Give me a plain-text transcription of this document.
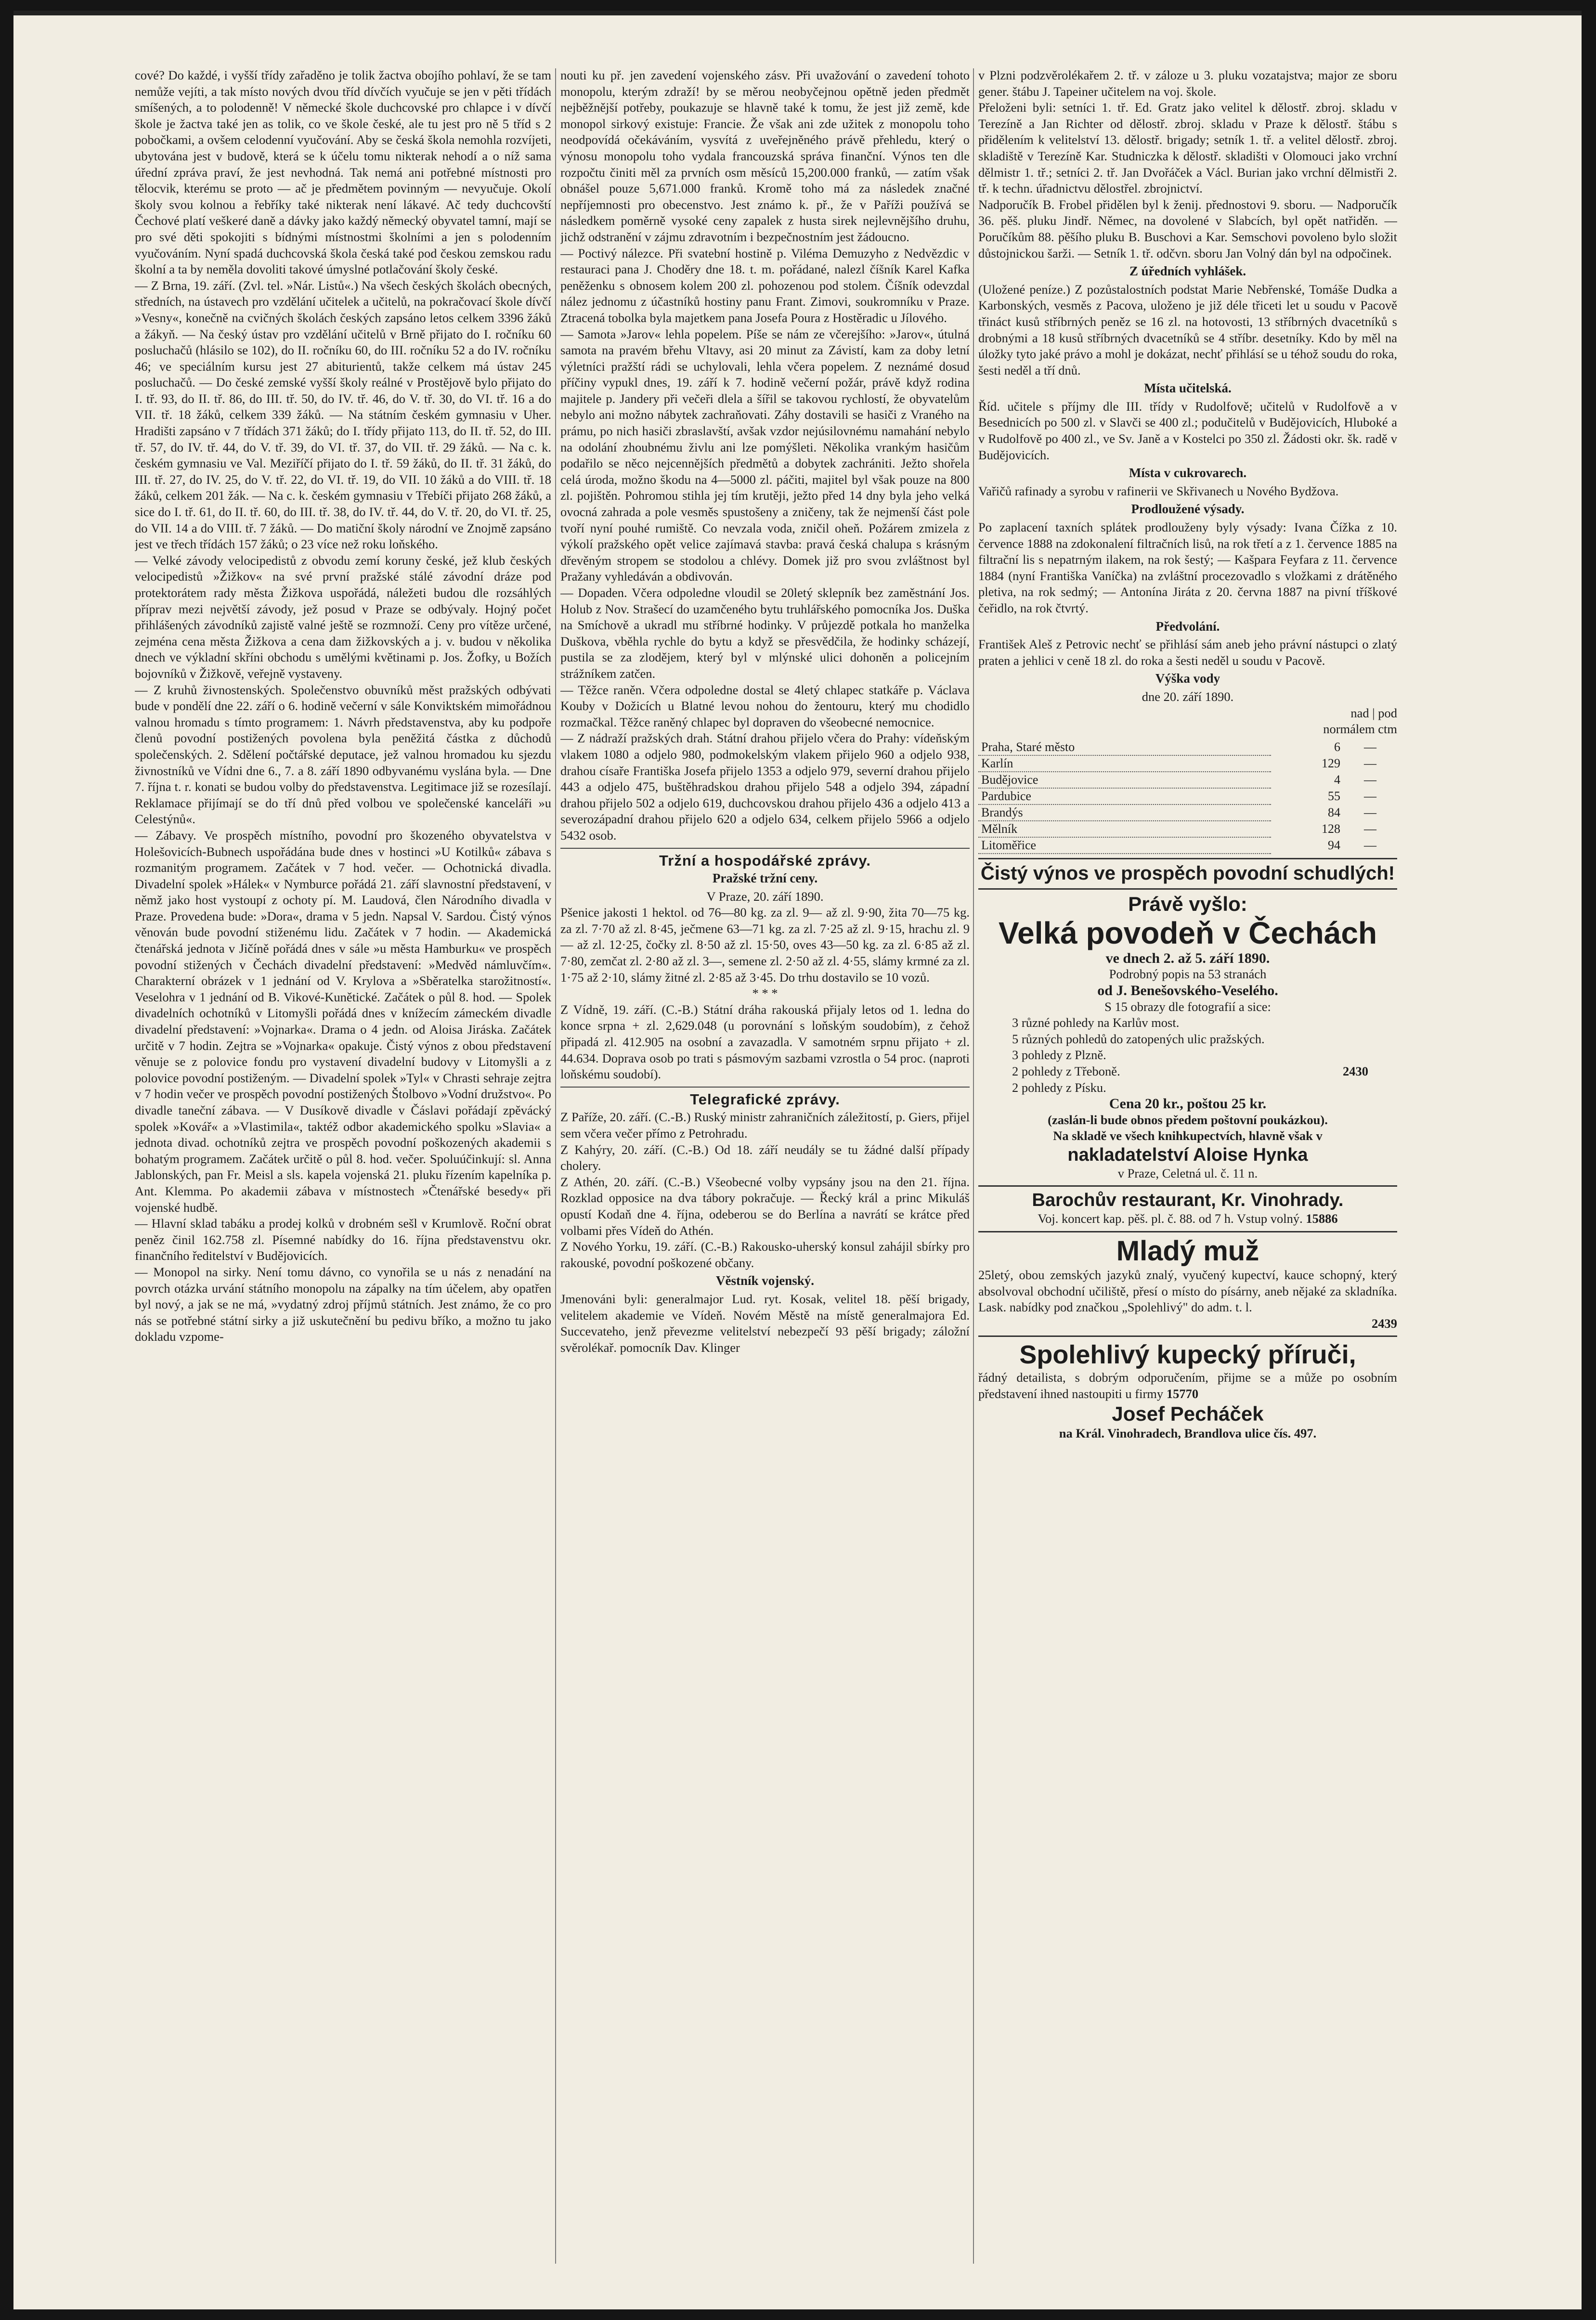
cové? Do každé, i vyšší třídy zařaděno je tolik žactva obojího pohlaví, že se tam nemůže vejíti, a tak místo nových dvou tříd dívčích vyučuje se jen v pěti třídách smíšených, a to polodenně! V německé škole duchcovské pro chlapce i v dívčí škole je žactva také jen as tolik, co ve škole české, ale tu jest pro ně 5 tříd s 2 pobočkami, a ovšem celodenní vyučování. Aby se česká škola nemohla rozvíjeti, ubytována jest v budově, která se k účelu tomu nikterak nehodí a o níž sama úřední zpráva praví, že jest nevhodná. Tak nemá ani potřebné místnosti pro tělocvik, kterému se proto — ač je předmětem povinným — nevyučuje. Okolí školy svou kolnou a řebříky také nikterak není lákavé. Ač tedy duchcovští Čechové platí veškeré daně a dávky jako každý německý obyvatel tamní, mají se pro své děti spokojiti s bídnými místnostmi školními a jen s polodenním vyučováním. Nyní spadá duchcovská škola česká také pod českou zemskou radu školní a ta by neměla dovoliti takové úmyslné potlačování školy české.

— Z Brna, 19. září. (Zvl. tel. »Nár. Listů«.) Na všech českých školách obecných, středních, na ústavech pro vzdělání učitelek a učitelů, na pokračovací škole dívčí »Vesny«, konečně na cvičných školách českých zapsáno letos celkem 3396 žáků a žákyň. — Na český ústav pro vzdělání učitelů v Brně přijato do I. ročníku 60 posluchačů (hlásilo se 102), do II. ročníku 60, do III. ročníku 52 a do IV. ročníku 46; ve speciálním kursu jest 27 abiturientů, takže celkem má ústav 245 posluchačů. — Do české zemské vyšší školy reálné v Prostějově bylo přijato do I. tř. 93, do II. tř. 86, do III. tř. 50, do IV. tř. 46, do V. tř. 30, do VI. tř. 16 a do VII. tř. 18 žáků, celkem 339 žáků. — Na státním českém gymnasiu v Uher. Hradišti zapsáno v 7 třídách 371 žáků; do I. třídy přijato 113, do II. tř. 52, do III. tř. 57, do IV. tř. 44, do V. tř. 39, do VI. tř. 37, do VII. tř. 29 žáků. — Na c. k. českém gymnasiu ve Val. Meziříčí přijato do I. tř. 59 žáků, do II. tř. 31 žáků, do III. tř. 27, do IV. 25, do V. tř. 22, do VI. tř. 19, do VII. 10 žáků a do VIII. tř. 18 žáků, celkem 201 žák. — Na c. k. českém gymnasiu v Třebíči přijato 268 žáků, a sice do I. tř. 61, do II. tř. 60, do III. tř. 38, do IV. tř. 44, do V. tř. 20, do VI. tř. 25, do VII. 14 a do VIII. tř. 7 žáků. — Do matiční školy národní ve Znojmě zapsáno jest ve třech třídách 157 žáků; o 23 více než roku loňského.

— Velké závody velocipedistů z obvodu zemí koruny české, jež klub českých velocipedistů »Žižkov« na své první pražské stálé závodní dráze pod protektorátem rady města Žižkova uspořádá, náležeti budou dle rozsáhlých příprav mezi největší závody, jež posud v Praze se odbývaly. Hojný počet přihlášených závodníků zajistě valné ještě se rozmnoží. Ceny pro vítěze určené, zejména cena města Žižkova a cena dam žižkovských a j. v. budou v několika dnech ve výkladní skříni obchodu s umělými květinami p. Jos. Žofky, u Božích bojovníků v Žižkově, veřejně vystaveny.

— Z kruhů živnostenských. Společenstvo obuvníků měst pražských odbývati bude v pondělí dne 22. září o 6. hodině večerní v sále Konviktském mimořádnou valnou hromadu s tímto programem: 1. Návrh představenstva, aby ku podpoře členů povodní postižených povolena byla peněžitá částka z důchodů společenských. 2. Sdělení počtářské deputace, jež valnou hromadou ku sjezdu živnostníků ve Vídni dne 6., 7. a 8. září 1890 odbyvanému vyslána byla. — Dne 7. října t. r. konati se budou volby do představenstva. Legitimace již se rozesílají. Reklamace přijímají se do tří dnů před volbou ve společenské kanceláři »u Celestýnů«.

— Zábavy. Ve prospěch místního, povodní pro škozeného obyvatelstva v Holešovicích-Bubnech uspořádána bude dnes v hostinci »U Kotilků« zábava s rozmanitým programem. Začátek v 7 hod. večer. — Ochotnická divadla. Divadelní spolek »Hálek« v Nymburce pořádá 21. září slavnostní představení, v němž jako host vystoupí z ochoty pí. M. Laudová, člen Národního divadla v Praze. Provedena bude: »Dora«, drama v 5 jedn. Napsal V. Sardou. Čistý výnos věnován bude povodní stiženému lidu. Začátek v 7 hodin. — Akademická čtenářská jednota v Jičíně pořádá dnes v sále »u města Hamburku« ve prospěch povodní stižených v Čechách divadelní představení: »Medvěd námluvčím«. Charakterní obrázek v 1 jednání od V. Krylova a »Sběratelka starožitností«. Veselohra v 1 jednání od B. Vikové-Kunětické. Začátek o půl 8. hod. — Spolek divadelních ochotníků v Litomyšli pořádá dnes v knížecím zámeckém divadle divadelní představení: »Vojnarka«. Drama o 4 jedn. od Aloisa Jiráska. Začátek určitě v 7 hodin. Zejtra se »Vojnarka« opakuje. Čistý výnos z obou představení věnuje se z polovice fondu pro vystavení divadelní budovy v Litomyšli a z polovice povodní postiženým. — Divadelní spolek »Tyl« v Chrasti sehraje zejtra v 7 hodin večer ve prospěch povodní postižených Štolbovo »Vodní družstvo«. Po divadle taneční zábava. — V Dusíkově divadle v Čáslavi pořádají zpěvácký spolek »Kovář« a »Vlastimila«, taktéž odbor akademického spolku »Slavia« a jednota divad. ochotníků zejtra ve prospěch povodní poškozených akademii s bohatým programem. Začátek určitě o půl 8. hod. večer. Spoluúčinkují: sl. Anna Jablonských, pan Fr. Meisl a sls. kapela vojenská 21. pluku řízením kapelníka p. Ant. Klemma. Po akademii zábava v místnostech »Čtenářské besedy« při vojenské hudbě.

— Hlavní sklad tabáku a prodej kolků v drobném sešl v Krumlově. Roční obrat peněz činil 162.758 zl. Písemné nabídky do 16. října představenstvu okr. finančního ředitelství v Budějovicích.

— Monopol na sirky. Není tomu dávno, co vynořila se u nás z nenadání na povrch otázka urvání státního monopolu na zápalky na tím účelem, aby opatřen byl nový, a jak se ne má, »vydatný zdroj příjmů státních. Jest známo, že co pro nás se potřebné státní sirky a již uskutečnění bu pedivu bříko, a možno tu jako dokladu vzpome-

nouti ku př. jen zavedení vojenského zásv. Při uvažování o zavedení tohoto monopolu, kterým zdraží! by se měrou neobyčejnou opětně jeden předmět nejběžnější potřeby, poukazuje se hlavně také k tomu, že jest již země, kde monopol sirkový existuje: Francie. Že však ani zde užitek z monopolu toho neodpovídá očekáváním, vysvítá z uveřejněného právě přehledu, který o výnosu monopolu toho vydala francouzská správa finanční. Výnos ten dle rozpočtu činiti měl za prvních osm měsíců 15,200.000 franků, — zatím však obnášel pouze 5,671.000 franků. Kromě toho má za následek značné nepříjemnosti pro obecenstvo. Jest známo k. př., že v Paříži používá se následkem poměrně vysoké ceny zapalek z husta sirek nejlevnějšího druhu, jichž odstranění v zájmu zdravotním i bezpečnostním jest žádoucno.

— Poctivý nálezce. Při svatební hostině p. Viléma Demuzyho z Nedvězdic v restauraci pana J. Choděry dne 18. t. m. pořádané, nalezl číšník Karel Kafka peněženku s obnosem kolem 200 zl. pohozenou pod stolem. Číšník odevzdal nález jednomu z účastníků hostiny panu Frant. Zimovi, soukromníku v Praze. Ztracená tobolka byla majetkem pana Josefa Poura z Hostěradic u Jílového.

— Samota »Jarov« lehla popelem. Píše se nám ze včerejšího: »Jarov«, útulná samota na pravém břehu Vltavy, asi 20 minut za Závistí, kam za doby letní výletníci pražští rádi se uchylovali, lehla včera popelem. Z neznámé dosud příčiny vypukl dnes, 19. září k 7. hodině večerní požár, právě když rodina majitele p. Jandery při večeři dlela a šířil se takovou rychlostí, že obyvatelům nebylo ani možno nábytek zachraňovati. Záhy dostavili se hasiči z Vraného na prámu, po nich hasiči zbraslavští, avšak vzdor nejúsilovnému namahání nebylo na odolání zhoubnému živlu ani lze pomýšleti. Několika vrankým hasičům podařilo se něco nejcennějších předmětů a dobytek zachrániti. Ježto shořela celá úroda, možno škodu na 4—5000 zl. páčiti, majitel byl však pouze na 800 zl. pojištěn. Pohromou stihla jej tím krutěji, ježto před 14 dny byla jeho velká ovocná zahrada a pole vesměs spustošeny a zničeny, tak že nejmenší část pole tvoří nyní pouhé rumiště. Co nevzala voda, zničil oheň. Požárem zmizela z výkolí pražského opět velice zajímavá stavba: pravá česká chalupa s krásným dřevěným stropem se stodolou a chlévy. Domek již pro svou zvláštnost byl Pražany vyhledáván a obdivován.

— Dopaden. Včera odpoledne vloudil se 20letý sklepník bez zaměstnání Jos. Holub z Nov. Strašecí do uzamčeného bytu truhlářského pomocníka Jos. Duška na Smíchově a ukradl mu stříbrné hodinky. V průjezdě potkala ho manželka Duškova, vběhla rychle do bytu a když se přesvědčila, že hodinky scházejí, pustila se za zlodějem, který byl v mlýnské ulici dohoněn a policejním strážníkem zatčen.

— Těžce raněn. Včera odpoledne dostal se 4letý chlapec statkáře p. Václava Kouby v Dožicích u Blatné levou nohou do žentouru, který mu chodidlo rozmačkal. Těžce raněný chlapec byl dopraven do všeobecné nemocnice.

— Z nádraží pražských drah. Státní drahou přijelo včera do Prahy: vídeňským vlakem 1080 a odjelo 980, podmokelským vlakem přijelo 960 a odjelo 938, drahou císaře Františka Josefa přijelo 1353 a odjelo 979, severní drahou přijelo 443 a odjelo 475, buštěhradskou drahou přijelo 548 a odjelo 394, západní drahou přijelo 502 a odjelo 619, duchcovskou drahou přijelo 436 a odjelo 413 a severozápadní drahou přijelo 620 a odjelo 634, celkem přijelo 5966 a odjelo 5432 osob.

Tržní a hospodářské zprávy.
Pražské tržní ceny.

V Praze, 20. září 1890.

Pšenice jakosti 1 hektol. od 76—80 kg. za zl. 9— až zl. 9·90, žita 70—75 kg. za zl. 7·70 až zl. 8·45, ječmene 63—71 kg. za zl. 7·25 až zl. 9·15, hrachu zl. 9— až zl. 12·25, čočky zl. 8·50 až zl. 15·50, oves 43—50 kg. za zl. 6·85 až zl. 7·80, zemčat zl. 2·80 až zl. 3—, semene zl. 2·50 až zl. 4·55, slámy krmné za zl. 1·75 až 2·10, slámy žitné zl. 2·85 až 3·45. Do trhu dostavilo se 10 vozů.

* * *

Z Vídně, 19. září. (C.-B.) Státní dráha rakouská přijaly letos od 1. ledna do konce srpna + zl. 2,629.048 (u porovnání s loňským soudobím), z čehož připadá zl. 412.905 na osobní a zavazadla. V samotném srpnu přijato + zl. 44.634. Doprava osob po trati s pásmovým sazbami vzrostla o 54 proc. (naproti loňskému soudobí).

Telegrafické zprávy.

Z Paříže, 20. září. (C.-B.) Ruský ministr zahraničních záležitostí, p. Giers, přijel sem včera večer přímo z Petrohradu.

Z Kahýry, 20. září. (C.-B.) Od 18. září neudály se tu žádné další případy cholery.

Z Athén, 20. září. (C.-B.) Všeobecné volby vypsány jsou na den 21. října. Rozklad opposice na dva tábory pokračuje. — Řecký král a princ Mikuláš opustí Kodaň dne 4. října, odeberou se do Berlína a navrátí se krátce před volbami přes Vídeň do Athén.

Z Nového Yorku, 19. září. (C.-B.) Rakousko-uherský konsul zahájil sbírky pro rakouské, povodní poškozené občany.

Věstník vojenský.

Jmenováni byli: generalmajor Lud. ryt. Kosak, velitel 18. pěší brigady, velitelem akademie ve Vídeň. Novém Městě na místě generalmajora Ed. Succevateho, jenž převezme velitelství nebezpečí 93 pěší brigady; záložní svěrolékař. pomocník Dav. Klinger

v Plzni podzvěrolékařem 2. tř. v záloze u 3. pluku vozatajstva; major ze sboru gener. štábu J. Tapeiner učitelem na voj. škole.

Přeloženi byli: setníci 1. tř. Ed. Gratz jako velitel k dělostř. zbroj. skladu v Terezíně a Jan Richter od dělostř. zbroj. skladu v Praze k dělostř. štábu s přidělením k velitelství 13. dělostř. brigady; setník 1. tř. a velitel dělostř. zbroj. skladiště v Terezíně Kar. Studniczka k dělostř. skladišti v Olomouci jako vrchní dělmistr 1. tř.; setníci 2. tř. Jan Dvořáček a Václ. Burian jako vrchní dělmistři 2. tř. k techn. úřadnictvu dělostřel. zbrojnictví.

Nadporučík B. Frobel přidělen byl k ženij. přednostovi 9. sboru. — Nadporučík 36. pěš. pluku Jindř. Němec, na dovolené v Slabcích, byl opět natřiděn. — Poručíkům 88. pěšího pluku B. Buschovi a Kar. Semschovi povoleno bylo složit důstojnickou šarži. — Setník 1. tř. odčvn. sboru Jan Volný dán byl na odpočinek.

Z úředních vyhlášek.

(Uložené peníze.) Z pozůstalostních podstat Marie Nebřenské, Tomáše Dudka a Karbonských, vesměs z Pacova, uloženo je již déle třiceti let u soudu v Pacově třináct kusů stříbrných peněz se 16 zl. na hotovosti, 13 stříbrných dvacetníků s drobnými a 18 kusů stříbrných dvacetníků se 4 stříbr. desetníky. Kdo by měl na úložky tyto jaké právo a mohl je dokázat, nechť přihlásí se u téhož soudu do roka, šesti neděl a tří dnů.

Místa učitelská.

Říd. učitele s příjmy dle III. třídy v Rudolfově; učitelů v Rudolfově a v Besednicích po 500 zl. v Slavči se 400 zl.; podučitelů v Budějovicích, Hluboké a v Rudolfově po 400 zl., ve Sv. Janě a v Kostelci po 350 zl. Žádosti okr. šk. radě v Budějovicích.

Místa v cukrovarech.

Vařičů rafinady a syrobu v rafinerii ve Skřivanech u Nového Bydžova.

Prodloužené výsady.

Po zaplacení taxních splátek prodlouženy byly výsady: Ivana Čížka z 10. července 1888 na zdokonalení filtračních lisů, na rok třetí a z 1. července 1885 na filtrační lis s nepatrným ilakem, na rok šestý; — Kašpara Feyfara z 11. července 1884 (nyní Františka Vaníčka) na zvláštní procezovadlo s vložkami z drátěného pletiva, na rok sedmý; — Antonína Jiráta z 20. června 1887 na pivní tříškové čeřidlo, na rok čtvrtý.

Předvolání.

František Aleš z Petrovic nechť se přihlásí sám aneb jeho právní nástupci o zlatý praten a jehlici v ceně 18 zl. do roka a šesti neděl u soudu v Pacově.

Výška vody

dne 20. září 1890.

nad | pod

normálem ctm

Praha, Staré město	6	—
Karlín	129	—
Budějovice	4	—
Pardubice	55	—
Brandýs	84	—
Mělník	128	—
Litoměřice	94	—
Čistý výnos ve prospěch povodní schudlých!
Právě vyšlo:
Velká povodeň v Čechách
ve dnech 2. až 5. září 1890.
Podrobný popis na 53 stranách
od J. Benešovského-Veselého.
S 15 obrazy dle fotografií a sice:
3 různé pohledy na Karlův most.
5 různých pohledů do zatopených ulic pražských.
3 pohledy z Plzně.
2 pohledy z Třeboně.	2430
2 pohledy z Písku.
Cena 20 kr., poštou 25 kr.
(zaslán-li bude obnos předem poštovní poukázkou).
Na skladě ve všech knihkupectvích, hlavně však v
nakladatelství Aloise Hynka
v Praze, Celetná ul. č. 11 n.
Barochův restaurant, Kr. Vinohrady.
Voj. koncert kap. pěš. pl. č. 88. od 7 h. Vstup volný. 15886
Mladý muž

25letý, obou zemských jazyků znalý, vyučený kupectví, kauce schopný, který absolvoval obchodní učiliště, přesí o místo do písárny, aneb nějaké za skladníka. Lask. nabídky pod značkou „Spolehlivý" do adm. t. l.

2439

Spolehlivý kupecký příruči,

řádný detailista, s dobrým odporučením, přijme se a může po osobním představení ihned nastoupiti u firmy 15770

Josef Pecháček
na Král. Vinohradech, Brandlova ulice čís. 497.
